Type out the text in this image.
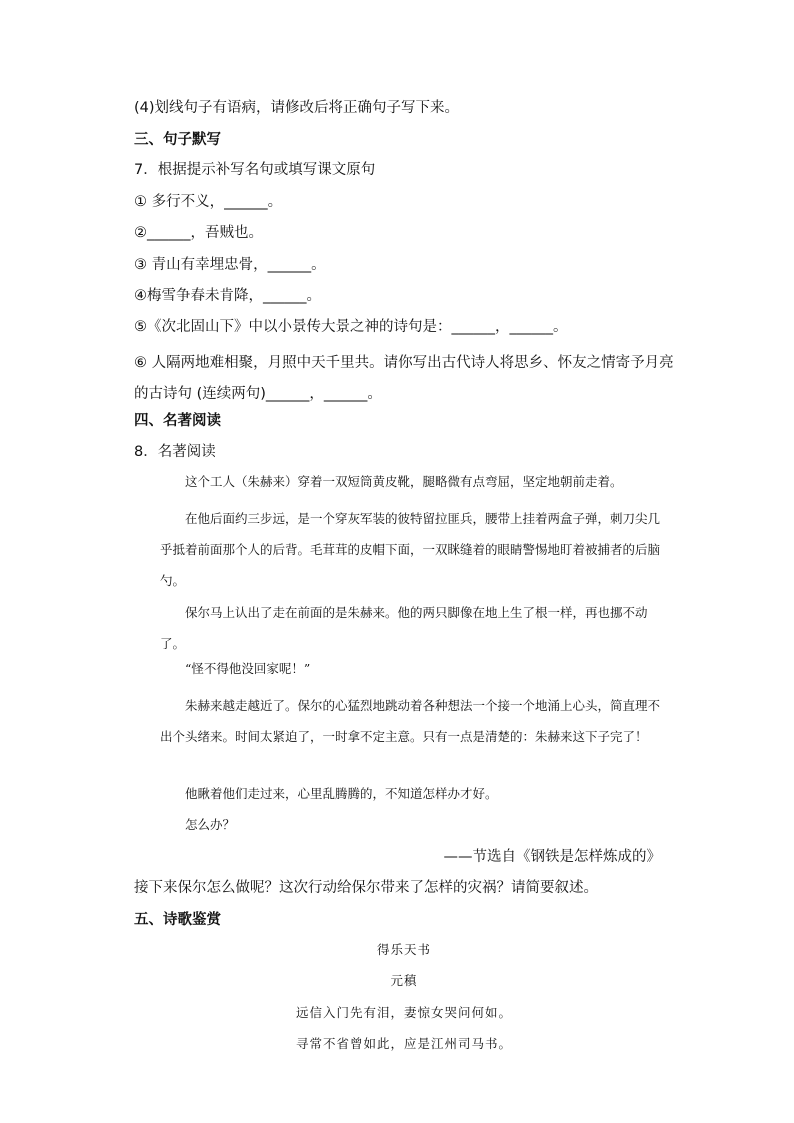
(4)划线句子有语病，请修改后将正确句子写下来。
三、句子默写
7．根据提示补写名句或填写课文原句
① 多行不义，______。
②______，吾贼也。
③ 青山有幸埋忠骨，______。
④梅雪争春未肯降，______。
⑤《次北固山下》中以小景传大景之神的诗句是：______，______。
⑥ 人隔两地难相聚，月照中天千里共。请你写出古代诗人将思乡、怀友之情寄予月亮的古诗句 (连续两句)______，______。
四、名著阅读
8．名著阅读
这个工人（朱赫来）穿着一双短筒黄皮靴，腿略微有点弯屈，坚定地朝前走着。
在他后面约三步远，是一个穿灰军装的彼特留拉匪兵，腰带上挂着两盒子弹，刺刀尖几乎抵着前面那个人的后背。毛茸茸的皮帽下面，一双眯缝着的眼睛警惕地盯着被捕者的后脑勺。
保尔马上认出了走在前面的是朱赫来。他的两只脚像在地上生了根一样，再也挪不动了。
“怪不得他没回家呢！”
朱赫来越走越近了。保尔的心猛烈地跳动着各种想法一个接一个地涌上心头，简直理不出个头绪来。时间太紧迫了，一时拿不定主意。只有一点是清楚的：朱赫来这下子完了！
他瞅着他们走过来，心里乱腾腾的，不知道怎样办才好。
怎么办？
——节选自《钢铁是怎样炼成的》
接下来保尔怎么做呢？这次行动给保尔带来了怎样的灾祸？请简要叙述。
五、诗歌鉴赏
得乐天书
元稹
远信入门先有泪，妻惊女哭问何如。
寻常不省曾如此，应是江州司马书。
